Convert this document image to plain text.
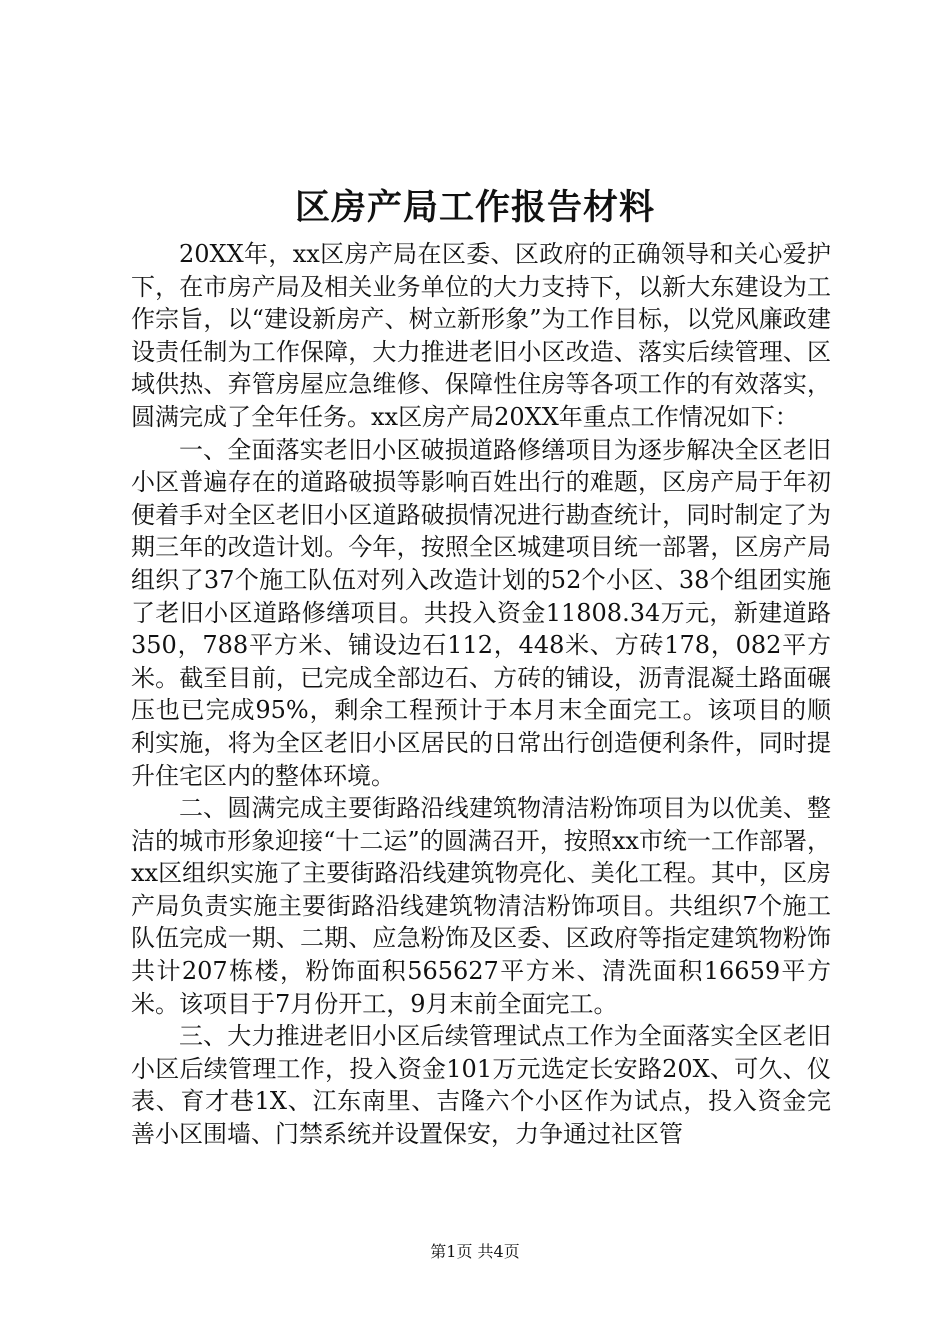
区房产局工作报告材料

20XX年，xx区房产局在区委、区政府的正确领导和关心爱护下，在市房产局及相关业务单位的大力支持下，以新大东建设为工作宗旨，以“建设新房产、树立新形象”为工作目标，以党风廉政建设责任制为工作保障，大力推进老旧小区改造、落实后续管理、区域供热、弃管房屋应急维修、保障性住房等各项工作的有效落实，圆满完成了全年任务。xx区房产局20XX年重点工作情况如下：

一、全面落实老旧小区破损道路修缮项目为逐步解决全区老旧小区普遍存在的道路破损等影响百姓出行的难题，区房产局于年初便着手对全区老旧小区道路破损情况进行勘查统计，同时制定了为期三年的改造计划。今年，按照全区城建项目统一部署，区房产局组织了37个施工队伍对列入改造计划的52个小区、38个组团实施了老旧小区道路修缮项目。共投入资金11808.34万元，新建道路350，788平方米、铺设边石112，448米、方砖178，082平方米。截至目前，已完成全部边石、方砖的铺设，沥青混凝土路面碾压也已完成95%，剩余工程预计于本月末全面完工。该项目的顺利实施，将为全区老旧小区居民的日常出行创造便利条件，同时提升住宅区内的整体环境。

二、圆满完成主要街路沿线建筑物清洁粉饰项目为以优美、整洁的城市形象迎接“十二运”的圆满召开，按照xx市统一工作部署，xx区组织实施了主要街路沿线建筑物亮化、美化工程。其中，区房产局负责实施主要街路沿线建筑物清洁粉饰项目。共组织7个施工队伍完成一期、二期、应急粉饰及区委、区政府等指定建筑物粉饰共计207栋楼，粉饰面积565627平方米、清洗面积16659平方米。该项目于7月份开工，9月末前全面完工。

三、大力推进老旧小区后续管理试点工作为全面落实全区老旧小区后续管理工作，投入资金101万元选定长安路20X、可久、仪表、育才巷1X、江东南里、吉隆六个小区作为试点，投入资金完善小区围墙、门禁系统并设置保安，力争通过社区管

第1页 共4页
